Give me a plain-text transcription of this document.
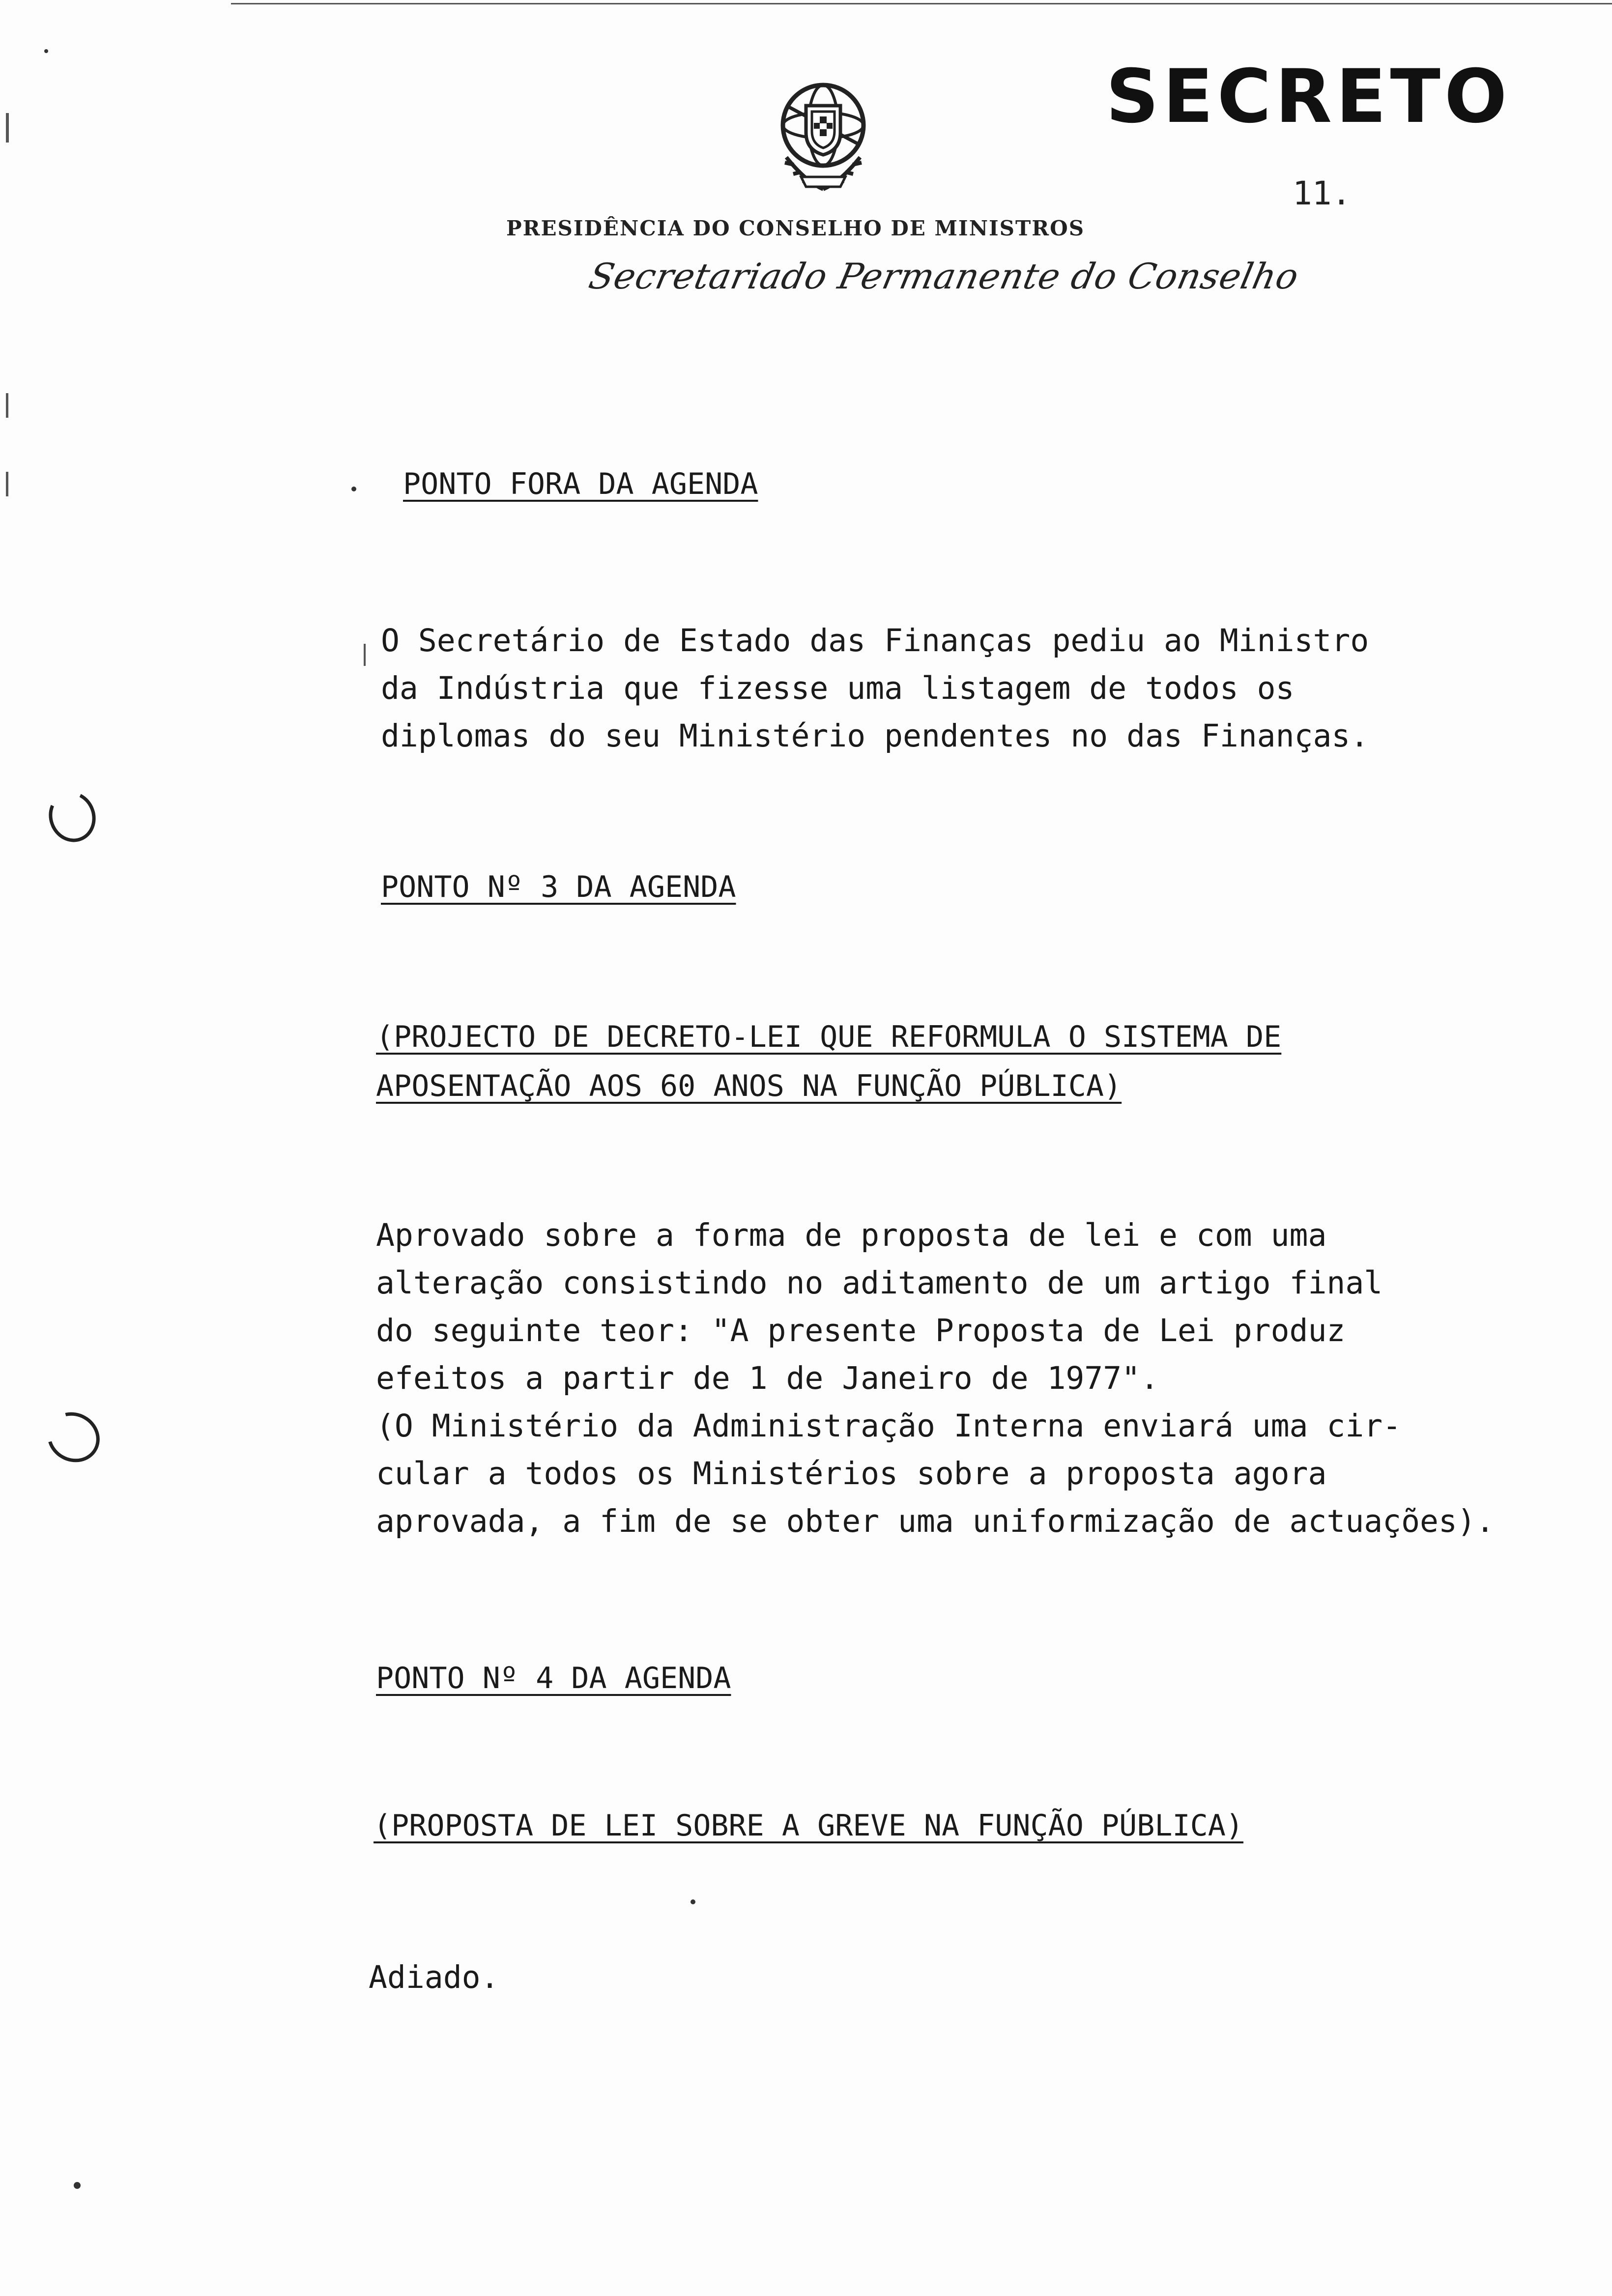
SECRETO
11.
PRESIDÊNCIA DO CONSELHO DE MINISTROS
Secretariado Permanente do Conselho
PONTO FORA DA AGENDA
O Secretário de Estado das Finanças pediu ao Ministro
da Indústria que fizesse uma listagem de todos os
diplomas do seu Ministério pendentes no das Finanças.
PONTO Nº 3 DA AGENDA
(PROJECTO DE DECRETO-LEI QUE REFORMULA O SISTEMA DE
APOSENTAÇÃO AOS 60 ANOS NA FUNÇÃO PÚBLICA)
Aprovado sobre a forma de proposta de lei e com uma
alteração consistindo no aditamento de um artigo final
do seguinte teor: "A presente Proposta de Lei produz
efeitos a partir de 1 de Janeiro de 1977".
(O Ministério da Administração Interna enviará uma cir-
cular a todos os Ministérios sobre a proposta agora
aprovada, a fim de se obter uma uniformização de actuações).
PONTO Nº 4 DA AGENDA
(PROPOSTA DE LEI SOBRE A GREVE NA FUNÇÃO PÚBLICA)
Adiado.
